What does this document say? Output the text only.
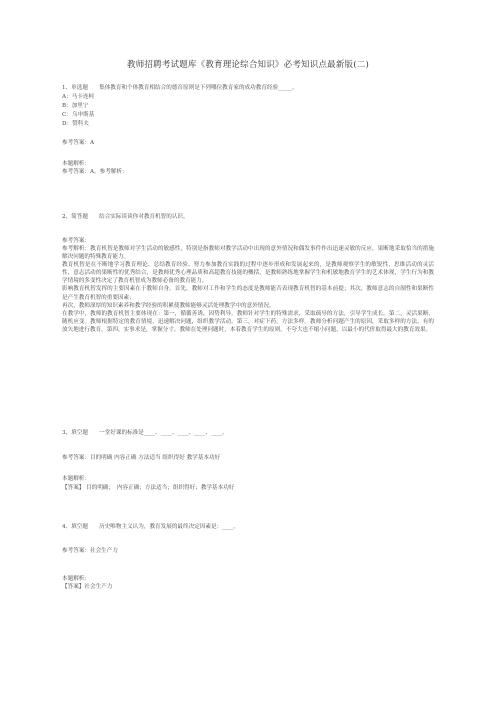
教师招聘考试题库《教育理论综合知识》必考知识点最新版(二)
1、单选题　　集体教育和个体教育相结合的德育原则是下列哪位教育家的成功教育经验_____。
A：马卡连柯
B：加里宁
C：乌申斯基
D：赞科夫
参考答案：A
本题解析：
参考答案：A。参考解析：
2、简答题　　结合实际谈谈你对教育机智的认识。
参考答案：

参考解析：教育机智是教师对学生活动的敏感性，特别是指教师对教学活动中出现的意外情况和偶发事件作出迅速灵敏的反应，果断地采取恰当的措施解决问题的特殊教育能力。

教育机智是在不断地学习教育理论、总结教育经验、努力参加教育实践的过程中逐步形成和发展起来的，是教师观察学生的敏锐性、思维活动的灵活性、意志活动的果断性的优秀结合，是教师优秀心理品质和高超教育技能的概括，是教师熟练地掌握学生和机敏地教育学生的艺术体现，学生行为和教学情境的多变性决定了教育机智成为教师必备的教育能力。

影响教育机智发挥的主要因素在于教师自身。首先，教师对工作和学生的态度是教师能否表现教育机智的基本前提；其次，教师意志的自制性和果断性是产生教育机智的重要因素；

再次，教师深厚的知识素养和教学经验的积累使教师能够灵活处理教学中的意外情况。

在教学中，教师的教育机智主要体现在：第一，循循善诱，因势利导。教师针对学生的特殊需求，采取疏导的方法，引导学生成长。第二，灵活果断，随机应变。教师根据特定的教育情境，迅速解决问题，组织教学活动。第三，对症下药，方法多样。教师分析问题产生的原因，采取多样的方法，有的放矢地进行教育。第四，实事求是，掌握分寸。教师在处理问题时，本着教育学生的原则，不夸大也不缩小问题，以最小的代价取得最大的教育效果。

3、填空题　　一堂好课的标准是____、____、____、____、____。
参考答案：目的明确 内容正确 方法适当 组织得好 教学基本功好
本题解析：
【答案】 目的明确；　内容正确；方法适当；组织得好；教学基本功好
4、填空题　　历史唯物主义认为，教育发展的最终决定因素是：____。
参考答案：社会生产力
本题解析：
【答案】社会生产力
